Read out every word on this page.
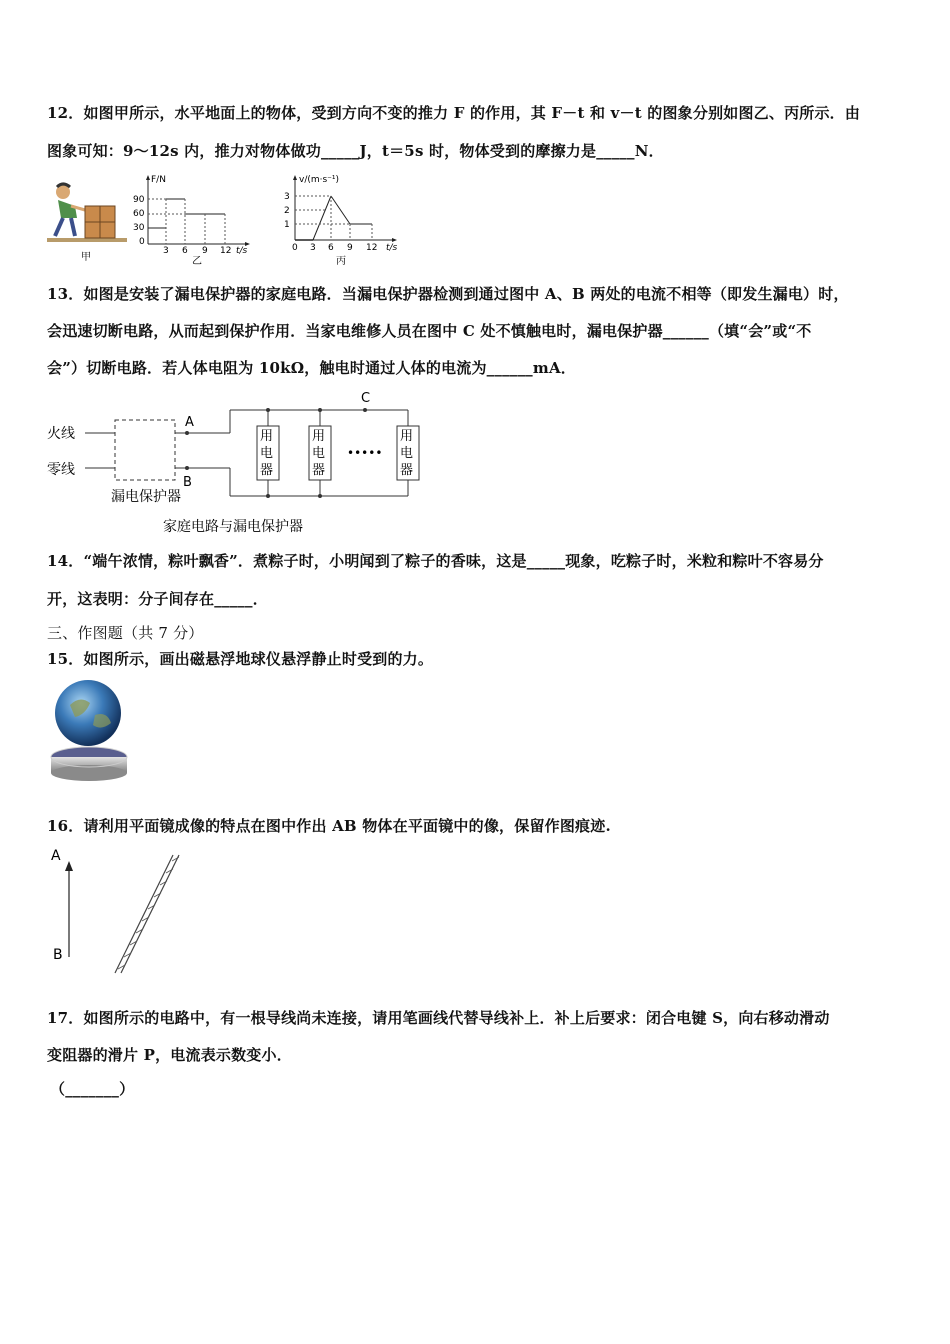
12．如图甲所示，水平地面上的物体，受到方向不变的推力 F 的作用，其 F－t 和 v－t 的图象分别如图乙、丙所示．由
图象可知：9～12s 内，推力对物体做功_____J，t＝5s 时，物体受到的摩擦力是_____N．
甲
F/N
90
60
30
0
3 6 9 12 t/s
乙
v/(m·s⁻¹)
3
2
1
0 3 6 9 12 t/s
丙
13．如图是安装了漏电保护器的家庭电路．当漏电保护器检测到通过图中 A、B 两处的电流不相等（即发生漏电）时，
会迅速切断电路，从而起到保护作用．当家电维修人员在图中 C 处不慎触电时，漏电保护器______（填“会”或“不
会”）切断电路．若人体电阻为 10kΩ，触电时通过人体的电流为______mA．
火线
零线
漏电保护器
A
B
C
用
电
器
用
电
器
•••••
用
电
器
家庭电路与漏电保护器
14．“端午浓情，粽叶飘香”．煮粽子时，小明闻到了粽子的香味，这是_____现象，吃粽子时，米粒和粽叶不容易分
开，这表明：分子间存在_____．
三、作图题（共 7 分）
15．如图所示，画出磁悬浮地球仪悬浮静止时受到的力。
16．请利用平面镜成像的特点在图中作出 AB 物体在平面镜中的像，保留作图痕迹.
A
B
17．如图所示的电路中，有一根导线尚未连接，请用笔画线代替导线补上．补上后要求：闭合电键 S，向右移动滑动
变阻器的滑片 P，电流表示数变小．
（_______）
